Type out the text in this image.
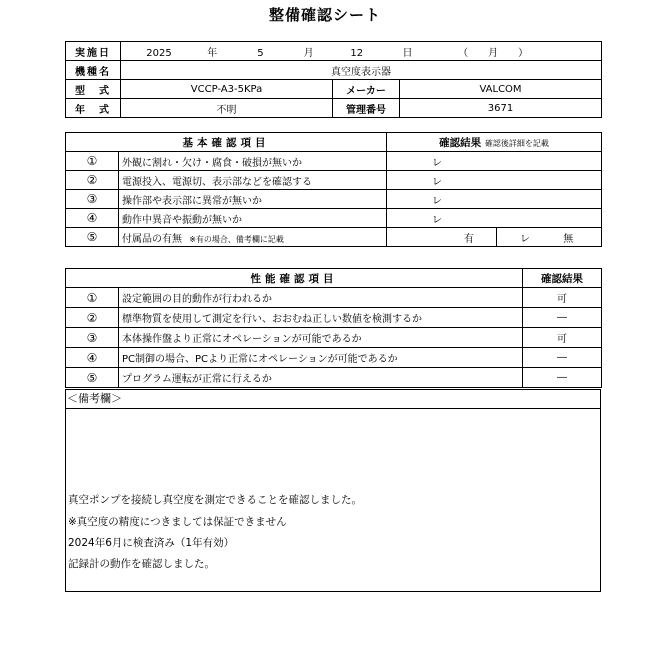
整備確認シート
実施日	2025 年 5 月 12 日 （　　月　　）		
機種名	真空度表示器		
型　式	VCCP-A3-5KPa	メーカー	VALCOM
年　式	不明	管理番号	3671
基本確認項目		確認結果 確認後詳細を記載	
①	外観に割れ・欠け・腐食・破損が無いか	レ	
②	電源投入、電源切、表示部などを確認する	レ	
③	操作部や表示部に異常が無いか	レ	
④	動作中異音や振動が無いか	レ	
⑤	付属品の有無 ※有の場合、備考欄に記載	有	レ 無
性能確認項目		確認結果
①	設定範囲の目的動作が行われるか	可
②	標準物質を使用して測定を行い、おおむね正しい数値を検測するか	―
③	本体操作盤より正常にオペレーションが可能であるか	可
④	PC制御の場合、PCより正常にオペレーションが可能であるか	―
⑤	プログラム運転が正常に行えるか	―
＜備考欄＞
真空ポンプを接続し真空度を測定できることを確認しました。
※真空度の精度につきましては保証できません
2024年6月に検査済み（1年有効）
記録計の動作を確認しました。
